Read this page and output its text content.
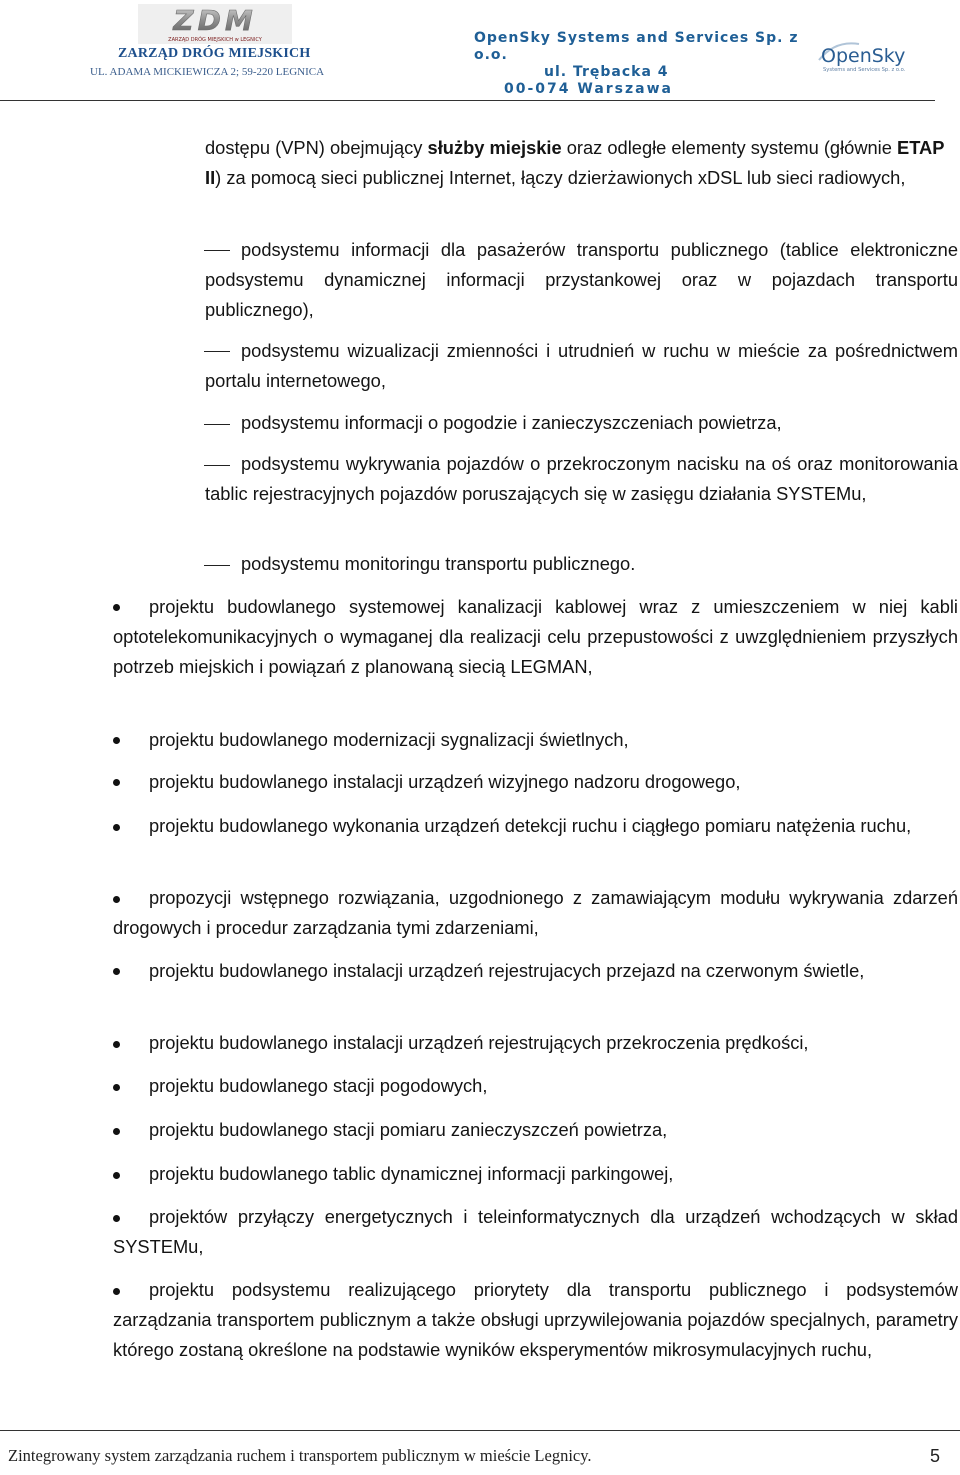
ZDM
ZARZĄD DRÓG MIEJSKICH w LEGNICY
ZARZĄD DRÓG MIEJSKICH
UL. ADAMA MICKIEWICZA 2; 59-220 LEGNICA
OpenSky Systems and Services Sp. z o.o.
ul. Trębacka 4
00-074 Warszawa
OpenSky
Systems and Services Sp. z o.o.
dostępu (VPN) obejmujący służby miejskie oraz odległe elementy systemu (głównie ETAP II) za pomocą sieci publicznej Internet, łączy dzierżawionych xDSL lub sieci radiowych,
podsystemu informacji dla pasażerów transportu publicznego (tablice elektroniczne podsystemu dynamicznej informacji przystankowej oraz w pojazdach transportu publicznego),
podsystemu wizualizacji zmienności i utrudnień w ruchu w mieście za pośrednictwem portalu internetowego,
podsystemu informacji o pogodzie i zanieczyszczeniach powietrza,
podsystemu wykrywania pojazdów o przekroczonym nacisku na oś oraz monitorowania tablic rejestracyjnych pojazdów poruszających się w zasięgu działania SYSTEMu,
podsystemu monitoringu transportu publicznego.
projektu budowlanego systemowej kanalizacji kablowej wraz z umieszczeniem w niej kabli optotelekomunikacyjnych o wymaganej dla realizacji celu przepustowości z uwzględnieniem przyszłych potrzeb miejskich i powiązań z planowaną siecią LEGMAN,
projektu budowlanego modernizacji sygnalizacji świetlnych,
projektu budowlanego instalacji urządzeń wizyjnego nadzoru drogowego,
projektu budowlanego wykonania urządzeń detekcji ruchu i ciągłego pomiaru natężenia ruchu,
propozycji wstępnego rozwiązania, uzgodnionego z zamawiającym modułu wykrywania zdarzeń drogowych i procedur zarządzania tymi zdarzeniami,
projektu budowlanego instalacji urządzeń rejestrujacych przejazd na czerwonym świetle,
projektu budowlanego instalacji urządzeń rejestrujących przekroczenia prędkości,
projektu budowlanego stacji pogodowych,
projektu budowlanego stacji pomiaru zanieczyszczeń powietrza,
projektu budowlanego tablic dynamicznej informacji parkingowej,
projektów przyłączy energetycznych i teleinformatycznych dla urządzeń wchodzących w skład SYSTEMu,
projektu podsystemu realizującego priorytety dla transportu publicznego i podsystemów zarządzania transportem publicznym a także obsługi uprzywilejowania pojazdów specjalnych, parametry którego zostaną określone na podstawie wyników eksperymentów mikrosymulacyjnych ruchu,
Zintegrowany system zarządzania ruchem i transportem publicznym w mieście Legnicy.	5
